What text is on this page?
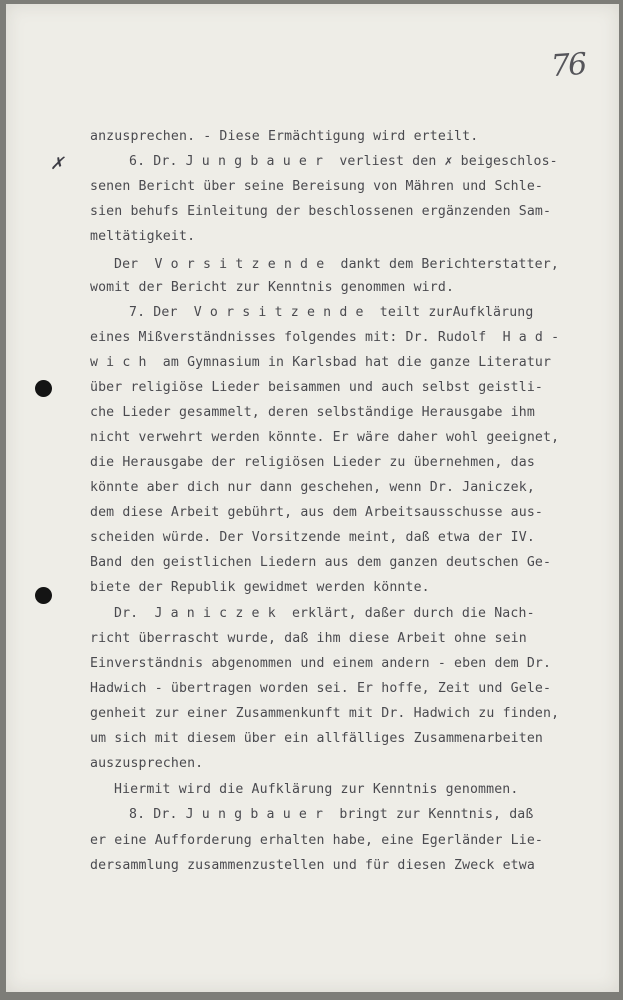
76
✗
anzusprechen. - Diese Ermächtigung wird erteilt.
6. Dr. J u n g b a u e r  verliest den ✗ beigeschlos-
senen Bericht über seine Bereisung von Mähren und Schle-
sien behufs Einleitung der beschlossenen ergänzenden Sam-
meltätigkeit.
Der  V o r s i t z e n d e  dankt dem Berichterstatter,
womit der Bericht zur Kenntnis genommen wird.
7. Der  V o r s i t z e n d e  teilt zurAufklärung
eines Mißverständnisses folgendes mit: Dr. Rudolf  H a d -
w i c h  am Gymnasium in Karlsbad hat die ganze Literatur
über religiöse Lieder beisammen und auch selbst geistli-
che Lieder gesammelt, deren selbständige Herausgabe ihm
nicht verwehrt werden könnte. Er wäre daher wohl geeignet,
die Herausgabe der religiösen Lieder zu übernehmen, das
könnte aber dich nur dann geschehen, wenn Dr. Janiczek,
dem diese Arbeit gebührt, aus dem Arbeitsausschusse aus-
scheiden würde. Der Vorsitzende meint, daß etwa der IV.
Band den geistlichen Liedern aus dem ganzen deutschen Ge-
biete der Republik gewidmet werden könnte.
Dr.  J a n i c z e k  erklärt, daßer durch die Nach-
richt überrascht wurde, daß ihm diese Arbeit ohne sein
Einverständnis abgenommen und einem andern - eben dem Dr.
Hadwich - übertragen worden sei. Er hoffe, Zeit und Gele-
genheit zur einer Zusammenkunft mit Dr. Hadwich zu finden,
um sich mit diesem über ein allfälliges Zusammenarbeiten
auszusprechen.
Hiermit wird die Aufklärung zur Kenntnis genommen.
8. Dr. J u n g b a u e r  bringt zur Kenntnis, daß
er eine Aufforderung erhalten habe, eine Egerländer Lie-
dersammlung zusammenzustellen und für diesen Zweck etwa
